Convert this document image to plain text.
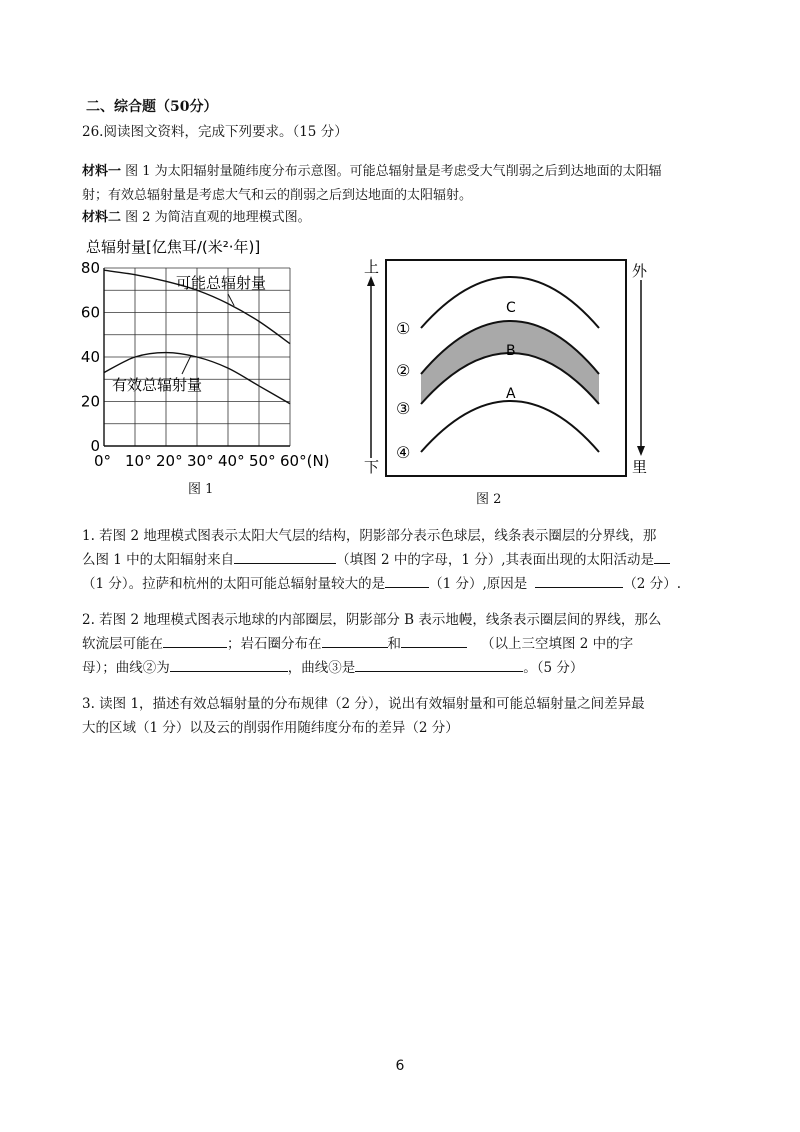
二、综合题（50分）
26.阅读图文资料，完成下列要求。（15 分）
材料一 图 1 为太阳辐射量随纬度分布示意图。可能总辐射量是考虑受大气削弱之后到达地面的太阳辐
射；有效总辐射量是考虑大气和云的削弱之后到达地面的太阳辐射。
材料二 图 2 为简洁直观的地理模式图。
总辐射量[亿焦耳/(米²·年)]
0
20
40
60
80
0° 10° 20° 30° 40° 50° 60°(N)
可能总辐射量
有效总辐射量
图 1
上
下
外
里
①
②
③
④
C
B
A
图 2
1. 若图 2 地理模式图表示太阳大气层的结构，阴影部分表示色球层，线条表示圈层的分界线，那
么图 1 中的太阳辐射来自	（填图 2 中的字母，1 分）,其表面出现的太阳活动是
（1 分）。拉萨和杭州的太阳可能总辐射量较大的是	（1 分）,原因是	（2 分）.
2. 若图 2 地理模式图表示地球的内部圈层，阴影部分 B 表示地幔，线条表示圈层间的界线，那么
软流层可能在	；岩石圈分布在	和	（以上三空填图 2 中的字
母）；曲线②为	，曲线③是	。（5 分）
3. 读图 1，描述有效总辐射量的分布规律（2 分），说出有效辐射量和可能总辐射量之间差异最
大的区域（1 分）以及云的削弱作用随纬度分布的差异（2 分）
6
